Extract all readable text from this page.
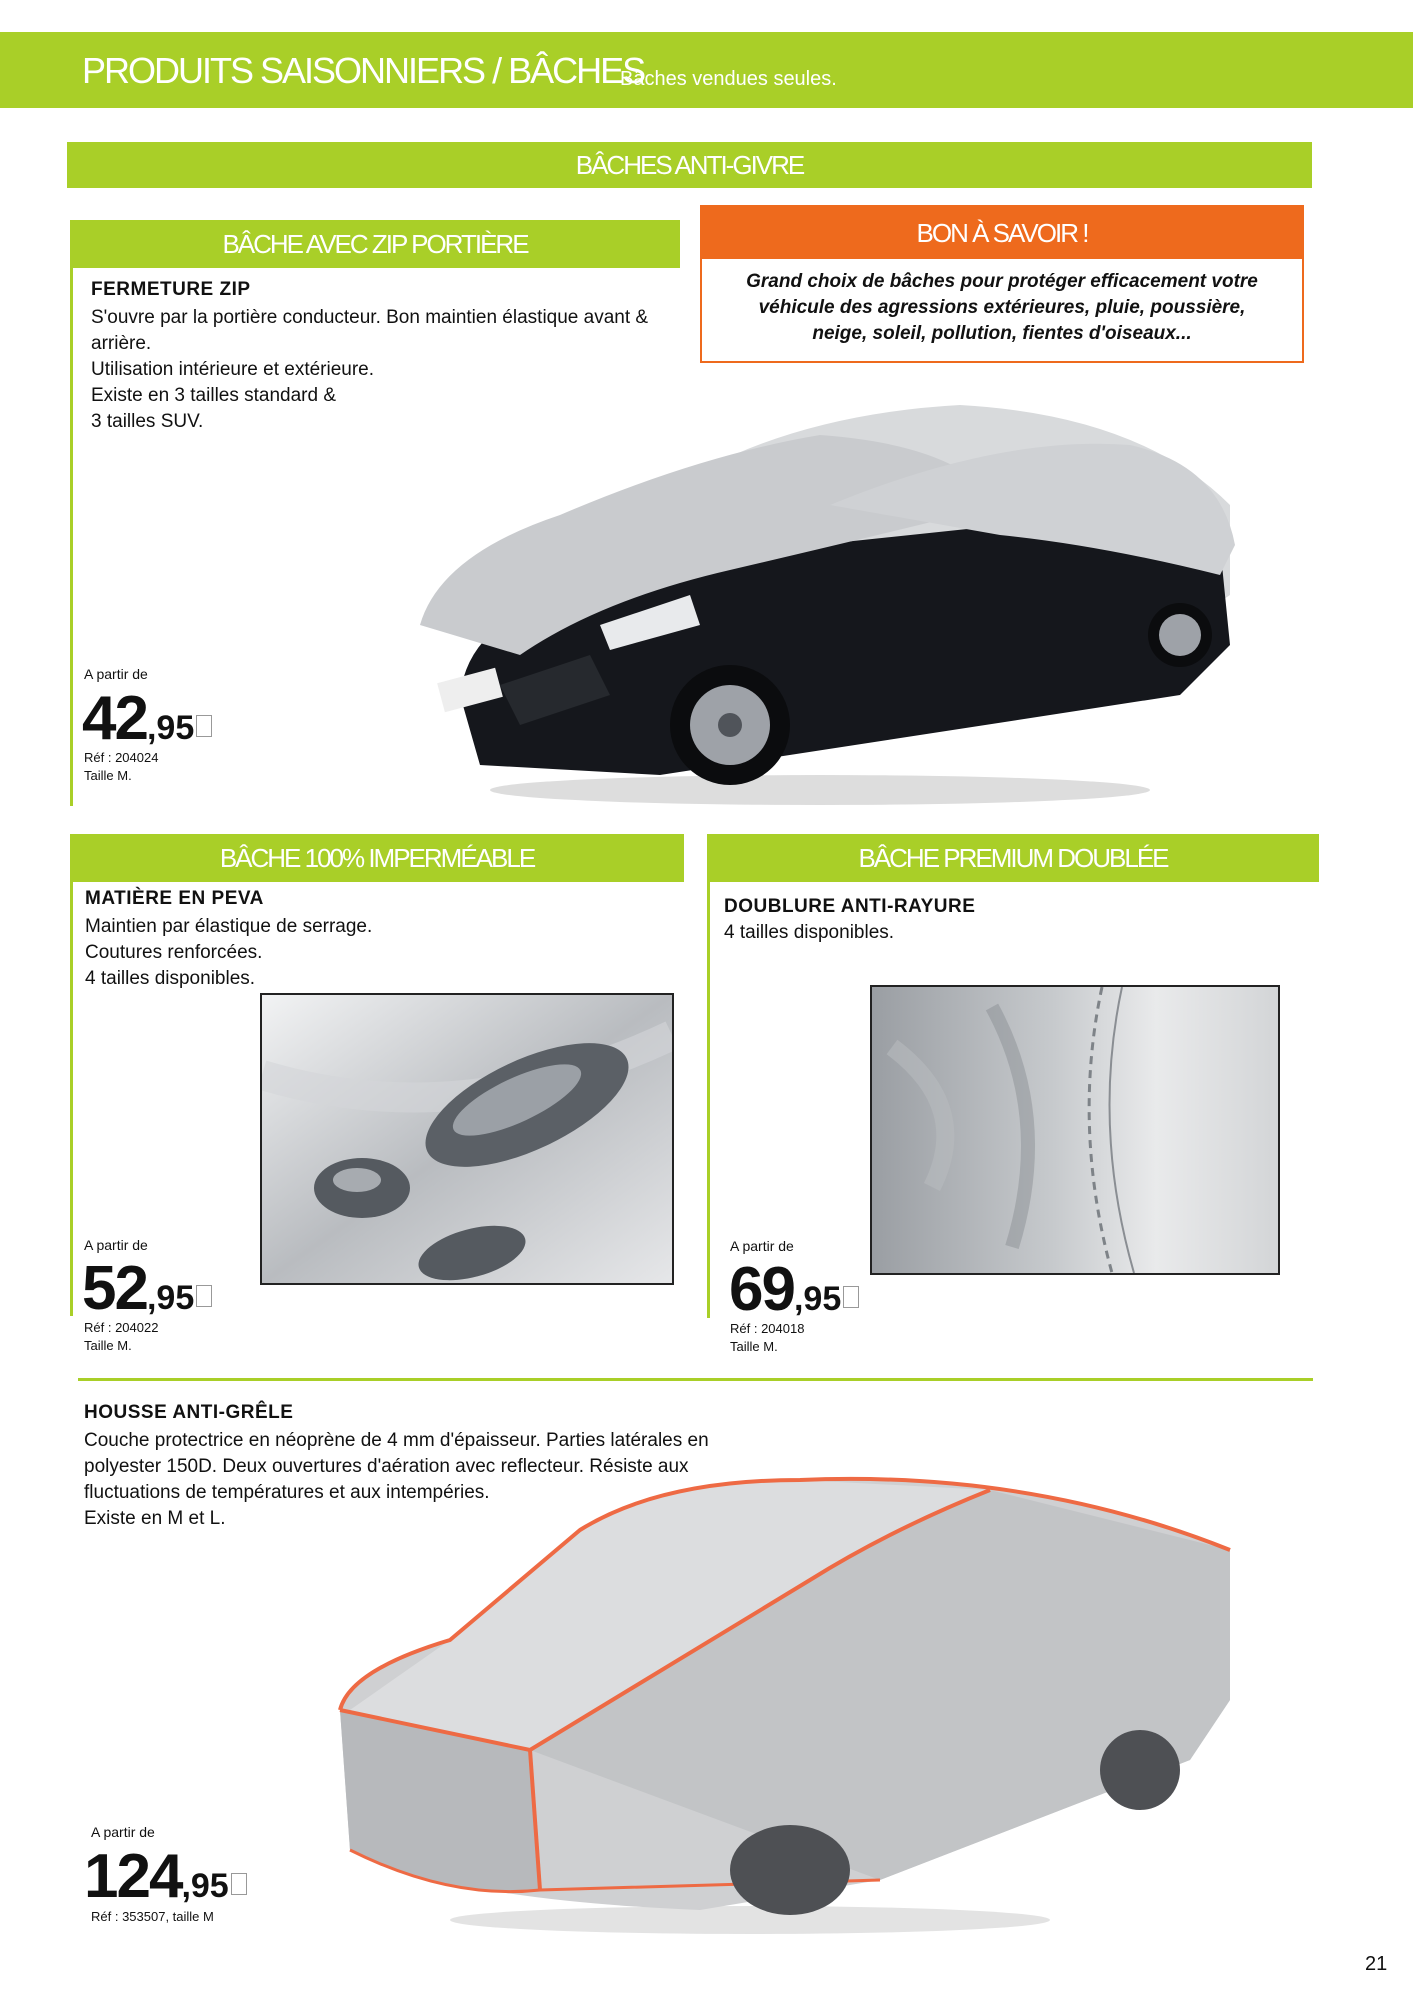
PRODUITS SAISONNIERS / BÂCHES
Bâches vendues seules.
BÂCHES ANTI-GIVRE
BÂCHE AVEC ZIP PORTIÈRE
FERMETURE ZIP
S'ouvre par la portière conducteur. Bon maintien élastique avant & arrière.
Utilisation intérieure et extérieure.
Existe en 3 tailles standard &
3 tailles SUV.
BON À SAVOIR !
Grand choix de bâches pour protéger efficacement votre véhicule des agressions extérieures, pluie, poussière, neige, soleil, pollution, fientes d'oiseaux...
A partir de
42,95
Réf : 204024
Taille M.
BÂCHE 100% IMPERMÉABLE
MATIÈRE EN PEVA
Maintien par élastique de serrage.
Coutures renforcées.
4 tailles disponibles.
A partir de
52,95
Réf : 204022
Taille M.
BÂCHE PREMIUM DOUBLÉE
DOUBLURE ANTI-RAYURE
4 tailles disponibles.
A partir de
69,95
Réf : 204018
Taille M.
HOUSSE ANTI-GRÊLE
Couche protectrice en néoprène de 4 mm d'épaisseur. Parties latérales en
polyester 150D. Deux ouvertures d'aération avec reflecteur. Résiste aux
fluctuations de températures et aux intempéries.
Existe en M et L.
A partir de
124,95
Réf : 353507, taille M
21
